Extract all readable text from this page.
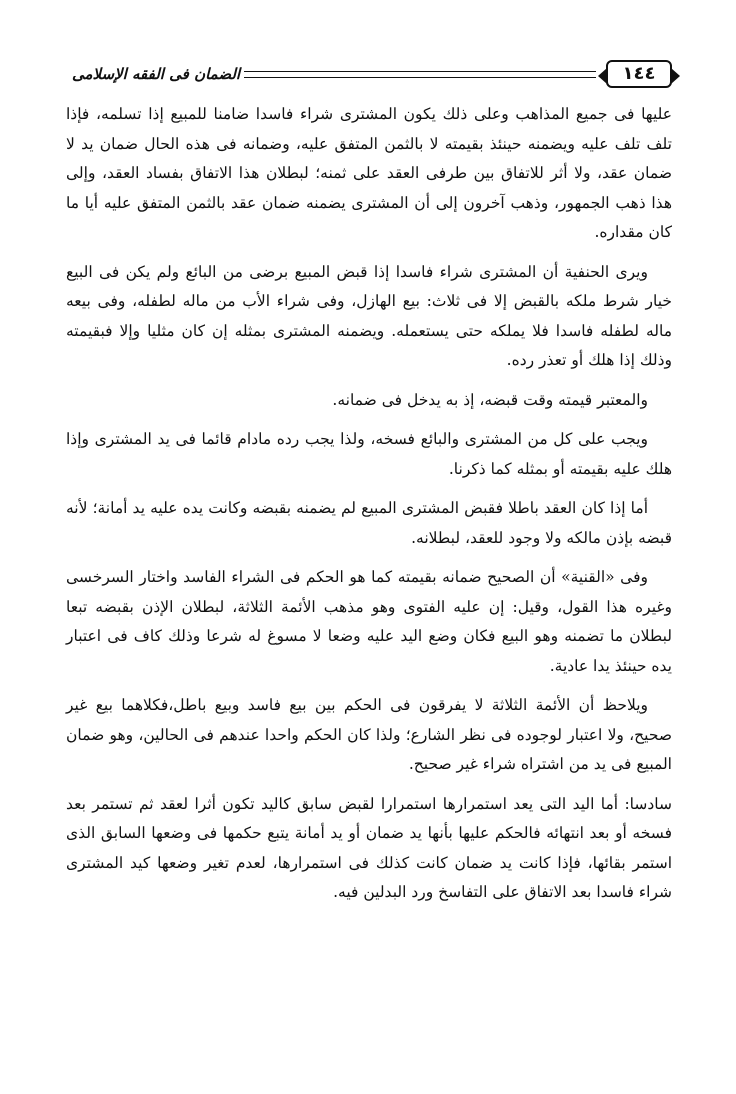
الضمان فى الفقه الإسلامى	١٤٤

عليها فى جميع المذاهب وعلى ذلك يكون المشترى شراء فاسدا ضامنا للمبيع إذا تسلمه، فإذا تلف تلف عليه ويضمنه حينئذ بقيمته لا بالثمن المتفق عليه، وضمانه فى هذه الحال ضمان يد لا ضمان عقد، ولا أثر للاتفاق بين طرفى العقد على ثمنه؛ لبطلان هذا الاتفاق بفساد العقد، وإلى هذا ذهب الجمهور، وذهب آخرون إلى أن المشترى يضمنه ضمان عقد بالثمن المتفق عليه أيا ما كان مقداره.

ويرى الحنفية أن المشترى شراء فاسدا إذا قبض المبيع برضى من البائع ولم يكن فى البيع خيار شرط ملكه بالقبض إلا فى ثلاث: بيع الهازل، وفى شراء الأب من ماله لطفله، وفى بيعه ماله لطفله فاسدا فلا يملكه حتى يستعمله. ويضمنه المشترى بمثله إن كان مثليا وإلا فبقيمته وذلك إذا هلك أو تعذر رده.

والمعتبر قيمته وقت قبضه، إذ به يدخل فى ضمانه.

ويجب على كل من المشترى والبائع فسخه، ولذا يجب رده مادام قائما فى يد المشترى وإذا هلك عليه بقيمته أو بمثله كما ذكرنا.

أما إذا كان العقد باطلا فقبض المشترى المبيع لم يضمنه بقبضه وكانت يده عليه يد أمانة؛ لأنه قبضه بإذن مالكه ولا وجود للعقد، لبطلانه.

وفى «القنية» أن الصحيح ضمانه بقيمته كما هو الحكم فى الشراء الفاسد واختار السرخسى وغيره هذا القول، وقيل: إن عليه الفتوى وهو مذهب الأئمة الثلاثة، لبطلان الإذن بقبضه تبعا لبطلان ما تضمنه وهو البيع فكان وضع اليد عليه وضعا لا مسوغ له شرعا وذلك كاف فى اعتبار يده حينئذ يدا عادية.

ويلاحظ أن الأئمة الثلاثة لا يفرقون فى الحكم بين بيع فاسد وبيع باطل،فكلاهما بيع غير صحيح، ولا اعتبار لوجوده فى نظر الشارع؛ ولذا كان الحكم واحدا عندهم فى الحالين، وهو ضمان المبيع فى يد من اشتراه شراء غير صحيح.

سادسا: أما اليد التى يعد استمرارها استمرارا لقبض سابق كاليد تكون أثرا لعقد ثم تستمر بعد فسخه أو بعد انتهائه فالحكم عليها بأنها يد ضمان أو يد أمانة يتبع حكمها فى وضعها السابق الذى استمر بقائها، فإذا كانت يد ضمان كانت كذلك فى استمرارها، لعدم تغير وضعها كيد المشترى شراء فاسدا بعد الاتفاق على التفاسخ ورد البدلين فيه.
